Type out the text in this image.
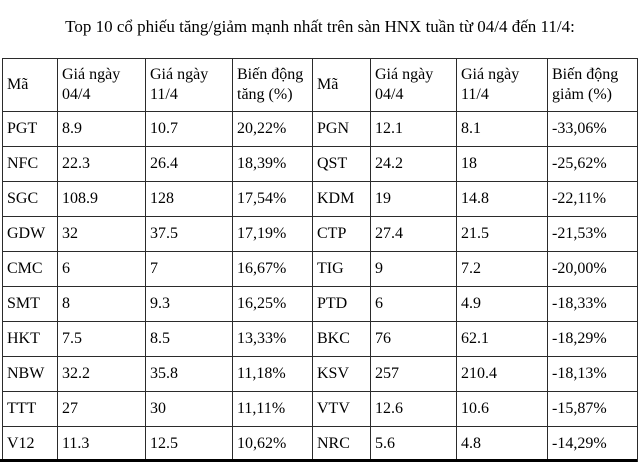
Top 10 cổ phiếu tăng/giảm mạnh nhất trên sàn HNX tuần từ 04/4 đến 11/4:

Mã	Giá ngày 04/4	Giá ngày 11/4	Biến động tăng (%)	Mã	Giá ngày 04/4	Giá ngày 11/4	Biến động giảm (%)
PGT	8.9	10.7	20,22%	PGN	12.1	8.1	-33,06%
NFC	22.3	26.4	18,39%	QST	24.2	18	-25,62%
SGC	108.9	128	17,54%	KDM	19	14.8	-22,11%
GDW	32	37.5	17,19%	CTP	27.4	21.5	-21,53%
CMC	6	7	16,67%	TIG	9	7.2	-20,00%
SMT	8	9.3	16,25%	PTD	6	4.9	-18,33%
HKT	7.5	8.5	13,33%	BKC	76	62.1	-18,29%
NBW	32.2	35.8	11,18%	KSV	257	210.4	-18,13%
TTT	27	30	11,11%	VTV	12.6	10.6	-15,87%
V12	11.3	12.5	10,62%	NRC	5.6	4.8	-14,29%
